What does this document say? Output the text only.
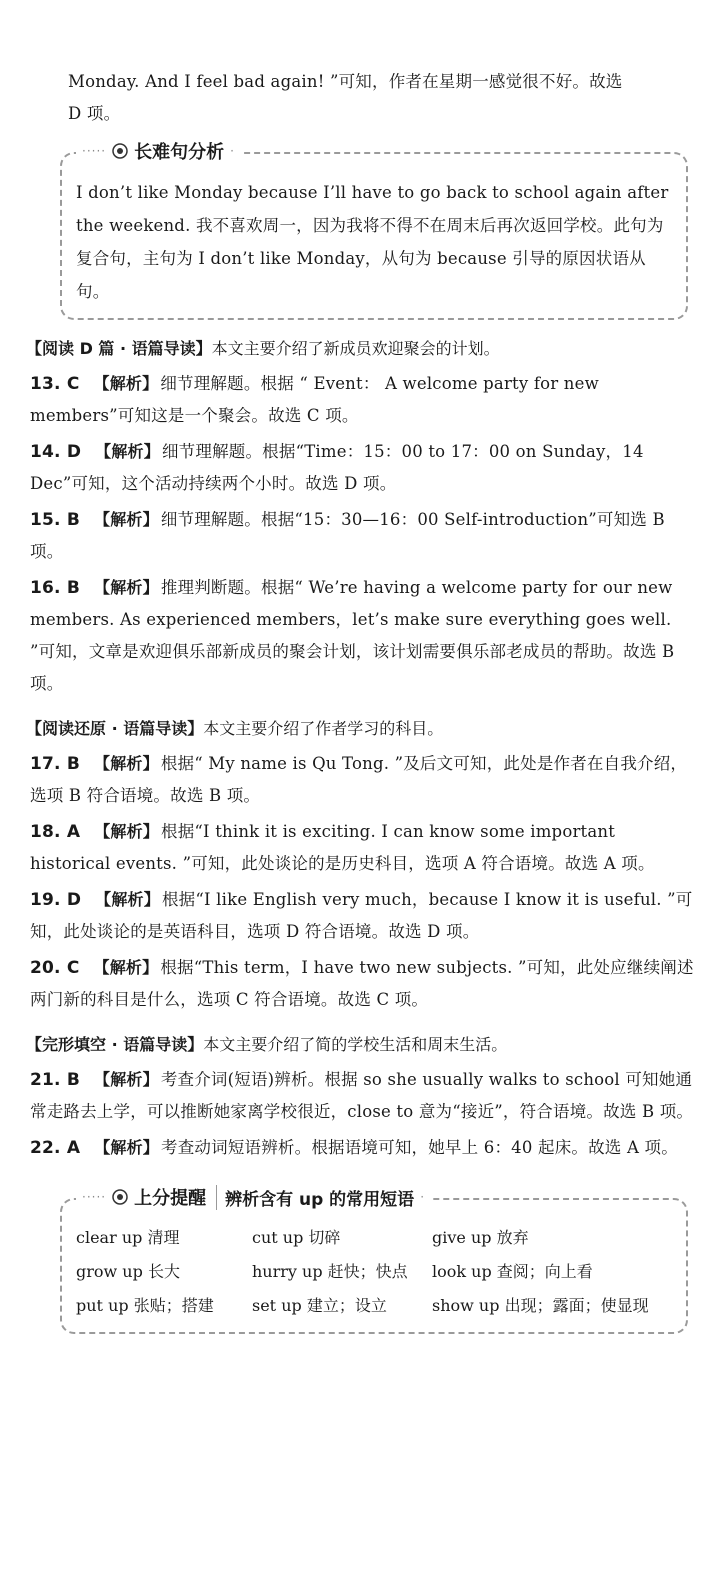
Monday. And I feel bad again! ”可知，作者在星期一感觉很不好。故选
D 项。
····· 长难句分析 ·
I don’t like Monday because I’ll have to go back to school again after the weekend. 我不喜欢周一，因为我将不得不在周末后再次返回学校。此句为复合句，主句为 I don’t like Monday，从句为 because 引导的原因状语从句。
【阅读 D 篇 · 语篇导读】本文主要介绍了新成员欢迎聚会的计划。
13. C 【解析】 细节理解题。根据 “ Event： A welcome party for new members”可知这是一个聚会。故选 C 项。
14. D 【解析】 细节理解题。根据“Time：15：00 to 17：00 on Sunday，14 Dec”可知，这个活动持续两个小时。故选 D 项。
15. B 【解析】 细节理解题。根据“15：30—16：00 Self-introduction”可知选 B 项。
16. B 【解析】 推理判断题。根据“ We’re having a welcome party for our new members. As experienced members，let’s make sure everything goes well. ”可知，文章是欢迎俱乐部新成员的聚会计划，该计划需要俱乐部老成员的帮助。故选 B 项。
【阅读还原 · 语篇导读】本文主要介绍了作者学习的科目。
17. B 【解析】 根据“ My name is Qu Tong. ”及后文可知，此处是作者在自我介绍，选项 B 符合语境。故选 B 项。
18. A 【解析】 根据“I think it is exciting. I can know some important historical events. ”可知，此处谈论的是历史科目，选项 A 符合语境。故选 A 项。
19. D 【解析】 根据“I like English very much，because I know it is useful. ”可知，此处谈论的是英语科目，选项 D 符合语境。故选 D 项。
20. C 【解析】 根据“This term，I have two new subjects. ”可知，此处应继续阐述两门新的科目是什么，选项 C 符合语境。故选 C 项。
【完形填空 · 语篇导读】本文主要介绍了简的学校生活和周末生活。
21. B 【解析】 考查介词(短语)辨析。根据 so she usually walks to school 可知她通常走路去上学，可以推断她家离学校很近，close to 意为“接近”，符合语境。故选 B 项。
22. A 【解析】 考查动词短语辨析。根据语境可知，她早上 6：40 起床。故选 A 项。
····· 上分提醒	辨析含有 up 的常用短语 ·
clear up 清理	cut up 切碎	give up 放弃
grow up 长大	hurry up 赶快；快点	look up 查阅；向上看
put up 张贴；搭建	set up 建立；设立	show up 出现；露面；使显现
